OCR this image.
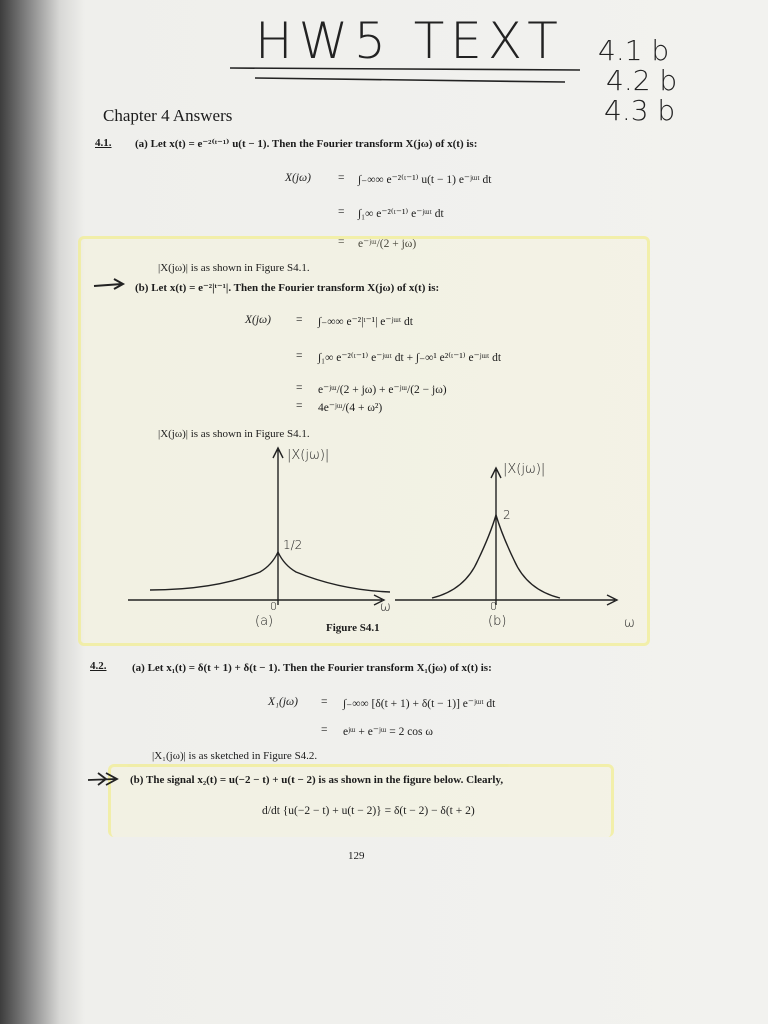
HW5 TEXT 4.1 b
4.2 b
4.3 b
Chapter 4 Answers
4.1. (a) Let x(t) = e⁻²⁽ᵗ⁻¹⁾ u(t − 1). Then the Fourier transform X(jω) of x(t) is:
X(jω) = ∫₋∞∞ e⁻²⁽ᵗ⁻¹⁾ u(t − 1) e⁻ʲᵚᵗ dt
= ∫₁∞ e⁻²⁽ᵗ⁻¹⁾ e⁻ʲᵚᵗ dt
= e⁻ʲᵚ/(2 + jω)
|X(jω)| is as shown in Figure S4.1.
(b) Let x(t) = e⁻²|ᵗ⁻¹|. Then the Fourier transform X(jω) of x(t) is:
X(jω) = ∫₋∞∞ e⁻²|ᵗ⁻¹| e⁻ʲᵚᵗ dt
= ∫₁∞ e⁻²⁽ᵗ⁻¹⁾ e⁻ʲᵚᵗ dt + ∫₋∞¹ e²⁽ᵗ⁻¹⁾ e⁻ʲᵚᵗ dt
= e⁻ʲᵚ/(2 + jω) + e⁻ʲᵚ/(2 − jω)
= 4e⁻ʲᵚ/(4 + ω²)
|X(jω)| is as shown in Figure S4.1.
|X(jω)|
1/2
0	ω
(a)
|X(jω)|
2
0
ω
(b)
Figure S4.1
4.2. (a) Let x₁(t) = δ(t + 1) + δ(t − 1). Then the Fourier transform X₁(jω) of x(t) is:
X₁(jω) = ∫₋∞∞ [δ(t + 1) + δ(t − 1)] e⁻ʲᵚᵗ dt
= eʲᵚ + e⁻ʲᵚ = 2 cos ω
|X₁(jω)| is as sketched in Figure S4.2.
(b) The signal x₂(t) = u(−2 − t) + u(t − 2) is as shown in the figure below. Clearly,
d/dt {u(−2 − t) + u(t − 2)} = δ(t − 2) − δ(t + 2)
129
